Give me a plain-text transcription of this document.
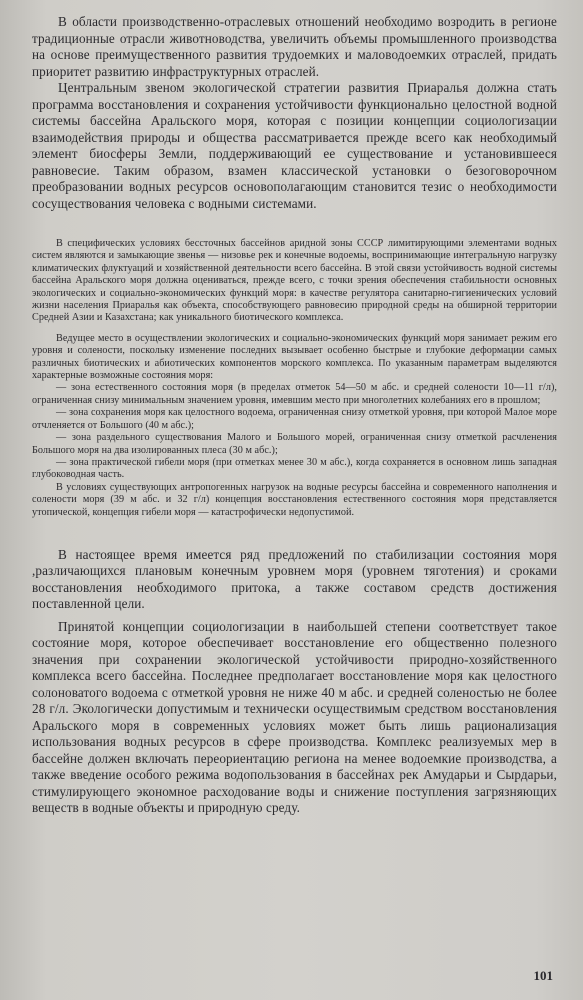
В области производственно-отраслевых отношений необходимо возродить в регионе традиционные отрасли животноводства, увеличить объемы промышленного производства на основе преимущественного развития трудоемких и маловодоемких отраслей, придать приоритет развитию инфраструктурных отраслей.

Центральным звеном экологической стратегии развития Приаралья должна стать программа восстановления и сохранения устойчивости функционально целостной водной системы бассейна Аральского моря, которая с позиции концепции социологизации взаимодействия природы и общества рассматривается прежде всего как необходимый элемент биосферы Земли, поддерживающий ее существование и установившееся равновесие. Таким образом, взамен классической установки о безоговорочном преобразовании водных ресурсов основополагающим становится тезис о необходимости сосуществования человека с водными системами.

В специфических условиях бессточных бассейнов аридной зоны СССР лимитирующими элементами водных систем являются и замыкающие звенья — низовье рек и конечные водоемы, воспринимающие интегральную нагрузку климатических флуктуаций и хозяйственной деятельности всего бассейна. В этой связи устойчивость водной системы бассейна Аральского моря должна оцениваться, прежде всего, с точки зрения обеспечения стабильности основных экологических и социально-экономических функций моря: в качестве регулятора санитарно-гигиенических условий жизни населения Приаралья как объекта, способствующего равновесию природной среды на обширной территории Средней Азии и Казахстана; как уникального биотического комплекса.

Ведущее место в осуществлении экологических и социально-экономических функций моря занимает режим его уровня и солености, поскольку изменение последних вызывает особенно быстрые и глубокие деформации самых различных биотических и абиотических компонентов морского комплекса. По указанным параметрам выделяются характерные возможные состояния моря:

— зона естественного состояния моря (в пределах отметок 54—50 м абс. и средней солености 10—11 г/л), ограниченная снизу минимальным значением уровня, имевшим место при многолетних колебаниях его в прошлом;

— зона сохранения моря как целостного водоема, ограниченная снизу отметкой уровня, при которой Малое море отчленяется от Большого (40 м абс.);

— зона раздельного существования Малого и Большого морей, ограниченная снизу отметкой расчленения Большого моря на два изолированных плеса (30 м абс.);

— зона практической гибели моря (при отметках менее 30 м абс.), когда сохраняется в основном лишь западная глубоководная часть.

В условиях существующих антропогенных нагрузок на водные ресурсы бассейна и современного наполнения и солености моря (39 м абс. и 32 г/л) концепция восстановления естественного состояния моря представляется утопической, концепция гибели моря — катастрофически недопустимой.

В настоящее время имеется ряд предложений по стабилизации состояния моря ,различающихся плановым конечным уровнем моря (уровнем тяготения) и сроками восстановления необходимого притока, а также составом средств достижения поставленной цели.

Принятой концепции социологизации в наибольшей степени соответствует такое состояние моря, которое обеспечивает восстановление его общественно полезного значения при сохранении экологической устойчивости природно-хозяйственного комплекса всего бассейна. Последнее предполагает восстановление моря как целостного солоноватого водоема с отметкой уровня не ниже 40 м абс. и средней соленостью не более 28 г/л. Экологически допустимым и технически осуществимым средством восстановления Аральского моря в современных условиях может быть лишь рационализация использования водных ресурсов в сфере производства. Комплекс реализуемых мер в бассейне должен включать переориентацию региона на менее водоемкие производства, а также введение особого режима водопользования в бассейнах рек Амударьи и Сырдарьи, стимулирующего экономное расходование воды и снижение поступления загрязняющих веществ в водные объекты и природную среду.

101
